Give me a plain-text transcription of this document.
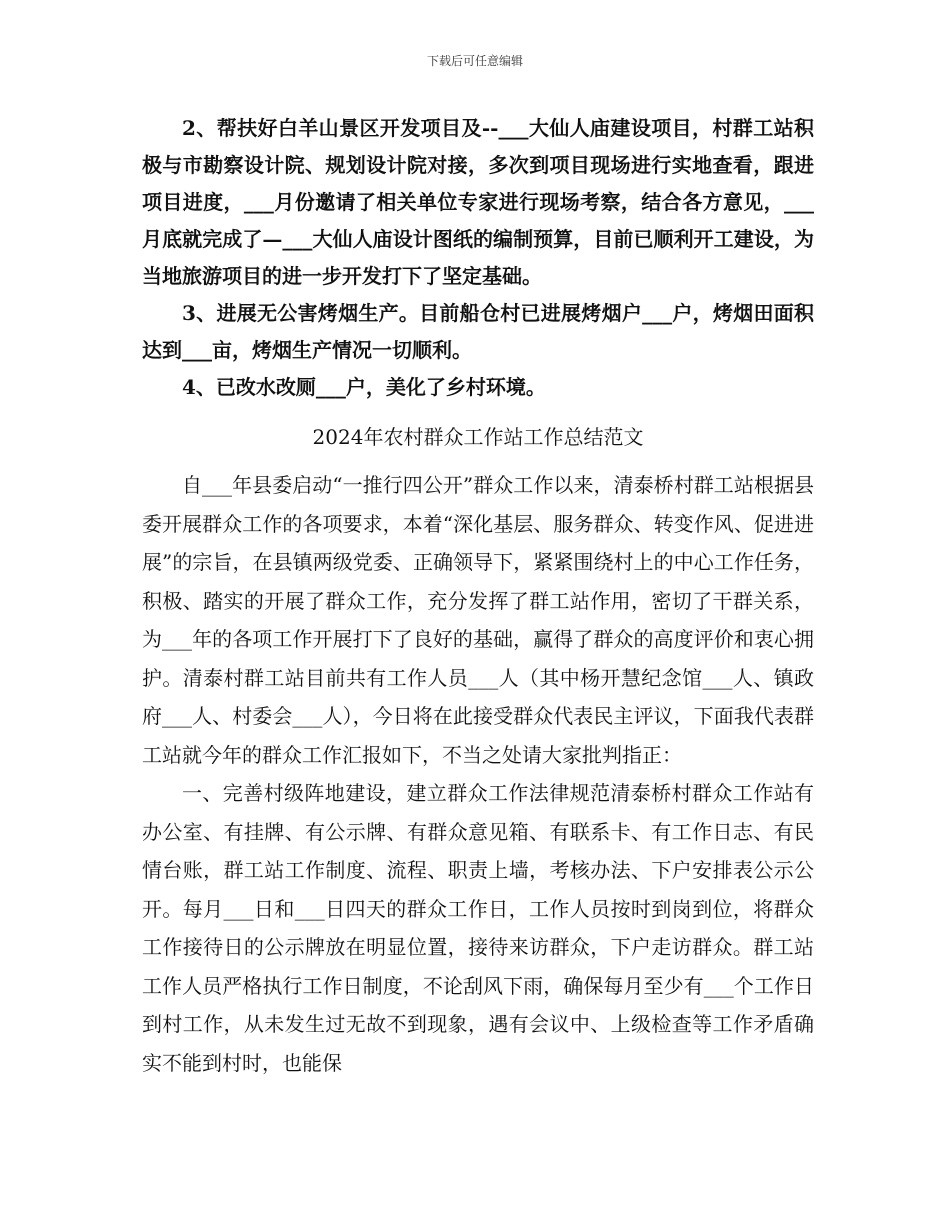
下载后可任意编辑

2、帮扶好白羊山景区开发项目及--___大仙人庙建设项目，村群工站积极与市勘察设计院、规划设计院对接，多次到项目现场进行实地查看，跟进项目进度，___月份邀请了相关单位专家进行现场考察，结合各方意见，___月底就完成了—___大仙人庙设计图纸的编制预算，目前已顺利开工建设，为当地旅游项目的进一步开发打下了坚定基础。

3、进展无公害烤烟生产。目前船仓村已进展烤烟户___户，烤烟田面积达到___亩，烤烟生产情况一切顺利。

4、已改水改厕___户，美化了乡村环境。

2024年农村群众工作站工作总结范文

自___年县委启动“一推行四公开”群众工作以来，清泰桥村群工站根据县委开展群众工作的各项要求，本着“深化基层、服务群众、转变作风、促进进展”的宗旨，在县镇两级党委、正确领导下，紧紧围绕村上的中心工作任务，积极、踏实的开展了群众工作，充分发挥了群工站作用，密切了干群关系，为___年的各项工作开展打下了良好的基础，赢得了群众的高度评价和衷心拥护。清泰村群工站目前共有工作人员___人（其中杨开慧纪念馆___人、镇政府___人、村委会___人），今日将在此接受群众代表民主评议，下面我代表群工站就今年的群众工作汇报如下，不当之处请大家批判指正：

一、完善村级阵地建设，建立群众工作法律规范清泰桥村群众工作站有办公室、有挂牌、有公示牌、有群众意见箱、有联系卡、有工作日志、有民情台账，群工站工作制度、流程、职责上墙，考核办法、下户安排表公示公开。每月___日和___日四天的群众工作日，工作人员按时到岗到位，将群众工作接待日的公示牌放在明显位置，接待来访群众，下户走访群众。群工站工作人员严格执行工作日制度，不论刮风下雨，确保每月至少有___个工作日到村工作，从未发生过无故不到现象，遇有会议中、上级检查等工作矛盾确实不能到村时，也能保
